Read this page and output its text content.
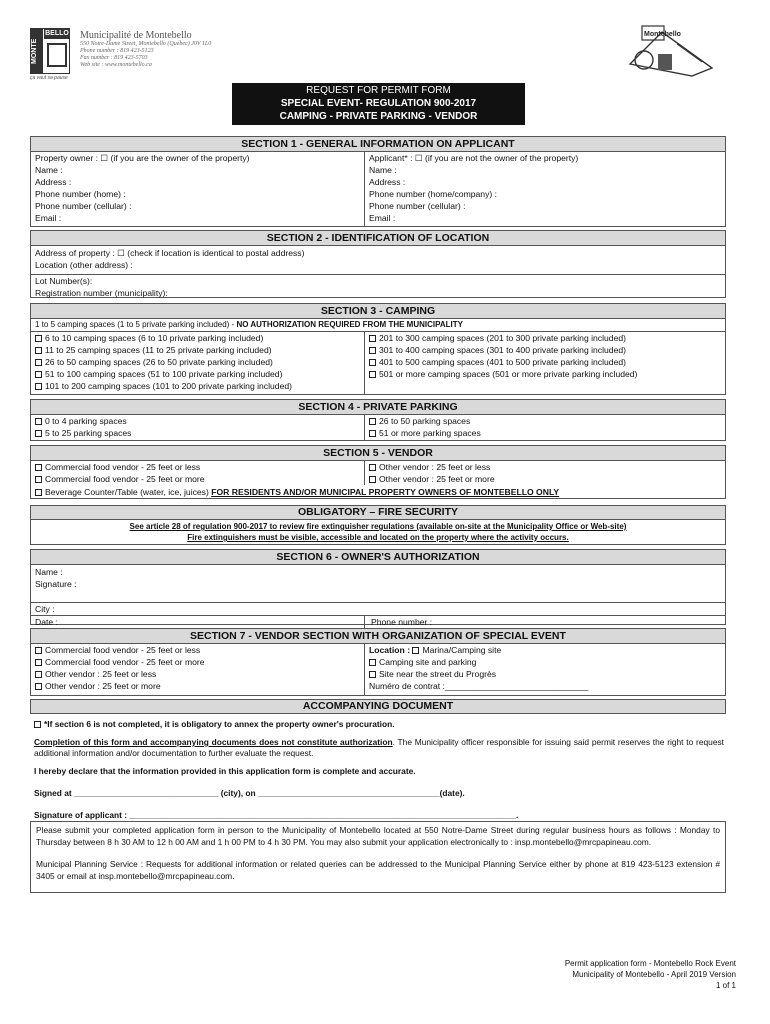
MONTE
BELLO
ça vaut sa pause
Municipalité de Montebello
550 Notre-Dame Street, Montebello (Québec) J0V 1L0
Phone number : 819 423-5123
Fax number : 819 423-5703
Web site : www.montebello.ca
Montebello
REQUEST FOR PERMIT FORM
SPECIAL EVENT- REGULATION 900-2017
CAMPING - PRIVATE PARKING - VENDOR
SECTION 1 - GENERAL INFORMATION ON APPLICANT
Property owner : ☐ (if you are the owner of the property)
Name :
Address :
Phone number (home) :
Phone number (cellular) :
Email :
Applicant* : ☐ (if you are not the owner of the property)
Name :
Address :
Phone number (home/company) :
Phone number (cellular) :
Email :
SECTION 2 - IDENTIFICATION OF LOCATION
Address of property : ☐ (check if location is identical to postal address)
Location (other address) :
Lot Number(s):
Registration number (municipality):
SECTION 3 - CAMPING
1 to 5 camping spaces (1 to 5 private parking included) - NO AUTHORIZATION REQUIRED FROM THE MUNICIPALITY
6 to 10 camping spaces (6 to 10 private parking included)
11 to 25 camping spaces (11 to 25 private parking included)
26 to 50 camping spaces (26 to 50 private parking included)
51 to 100 camping spaces (51 to 100 private parking included)
101 to 200 camping spaces (101 to 200 private parking included)
201 to 300 camping spaces (201 to 300 private parking included)
301 to 400 camping spaces (301 to 400 private parking included)
401 to 500 camping spaces (401 to 500 private parking included)
501 or more camping spaces (501 or more private parking included)
SECTION 4 - PRIVATE PARKING
0 to 4 parking spaces
5 to 25 parking spaces
26 to 50 parking spaces
51 or more parking spaces
SECTION 5 - VENDOR
Commercial food vendor - 25 feet or less
Commercial food vendor - 25 feet or more
Other vendor : 25 feet or less
Other vendor : 25 feet or more
Beverage Counter/Table (water, ice, juices) FOR RESIDENTS AND/OR MUNICIPAL PROPERTY OWNERS OF MONTEBELLO ONLY
OBLIGATORY – FIRE SECURITY
See article 28 of regulation 900-2017 to review fire extinguisher regulations (available on-site at the Municipality Office or Web-site)
Fire extinguishers must be visible, accessible and located on the property where the activity occurs.
SECTION 6 - OWNER'S AUTHORIZATION
Name :
Signature :
City :
Date :	Phone number :
SECTION 7 - VENDOR SECTION WITH ORGANIZATION OF SPECIAL EVENT
Commercial food vendor - 25 feet or less
Commercial food vendor - 25 feet or more
Other vendor : 25 feet or less
Other vendor : 25 feet or more
Location : Marina/Camping site
Camping site and parking
Site near the street du Progrès
Numéro de contrat :______________________________
ACCOMPANYING DOCUMENT
*If section 6 is not completed, it is obligatory to annex the property owner's procuration.
Completion of this form and accompanying documents does not constitute authorization. The Municipality officer responsible for issuing said permit reserves the right to request additional information and/or documentation to further evaluate the request.
I hereby declare that the information provided in this application form is complete and accurate.
Signed at _______________________________ (city), on _______________________________________(date).
Signature of applicant : ___________________________________________________________________________________.
Please submit your completed application form in person to the Municipality of Montebello located at 550 Notre-Dame Street during regular business hours as follows : Monday to Thursday between 8 h 30 AM to 12 h 00 AM and 1 h 00 PM to 4 h 30 PM. You may also submit your application electronically to : insp.montebello@mrcpapineau.com.
Municipal Planning Service : Requests for additional information or related queries can be addressed to the Municipal Planning Service either by phone at 819 423-5123 extension # 3405 or email at insp.montebello@mrcpapineau.com.
Permit application form - Montebello Rock Event
Municipality of Montebello - April 2019 Version
1 of 1
